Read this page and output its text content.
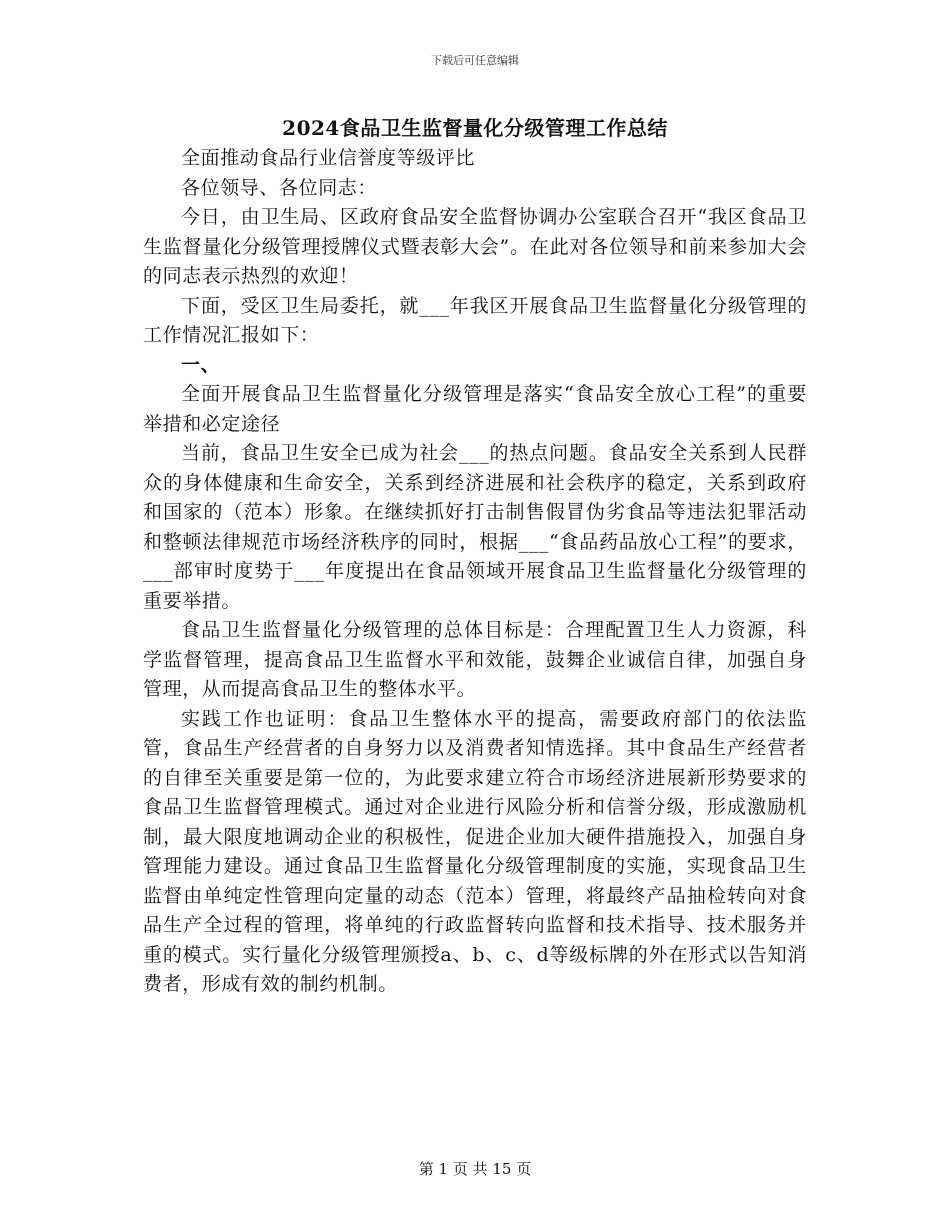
下载后可任意编辑
2024食品卫生监督量化分级管理工作总结

全面推动食品行业信誉度等级评比

各位领导、各位同志：

今日，由卫生局、区政府食品安全监督协调办公室联合召开“我区食品卫生监督量化分级管理授牌仪式暨表彰大会”。在此对各位领导和前来参加大会的同志表示热烈的欢迎！

下面，受区卫生局委托，就___年我区开展食品卫生监督量化分级管理的工作情况汇报如下：

一、

全面开展食品卫生监督量化分级管理是落实“食品安全放心工程”的重要举措和必定途径

当前，食品卫生安全已成为社会___的热点问题。食品安全关系到人民群众的身体健康和生命安全，关系到经济进展和社会秩序的稳定，关系到政府和国家的（范本）形象。在继续抓好打击制售假冒伪劣食品等违法犯罪活动和整顿法律规范市场经济秩序的同时，根据___“食品药品放心工程”的要求，___部审时度势于___年度提出在食品领域开展食品卫生监督量化分级管理的重要举措。

食品卫生监督量化分级管理的总体目标是：合理配置卫生人力资源，科学监督管理，提高食品卫生监督水平和效能，鼓舞企业诚信自律，加强自身管理，从而提高食品卫生的整体水平。

实践工作也证明：食品卫生整体水平的提高，需要政府部门的依法监管，食品生产经营者的自身努力以及消费者知情选择。其中食品生产经营者的自律至关重要是第一位的，为此要求建立符合市场经济进展新形势要求的食品卫生监督管理模式。通过对企业进行风险分析和信誉分级，形成激励机制，最大限度地调动企业的积极性，促进企业加大硬件措施投入，加强自身管理能力建设。通过食品卫生监督量化分级管理制度的实施，实现食品卫生监督由单纯定性管理向定量的动态（范本）管理，将最终产品抽检转向对食品生产全过程的管理，将单纯的行政监督转向监督和技术指导、技术服务并重的模式。实行量化分级管理颁授a、b、c、d等级标牌的外在形式以告知消费者，形成有效的制约机制。

第 1 页 共 15 页
